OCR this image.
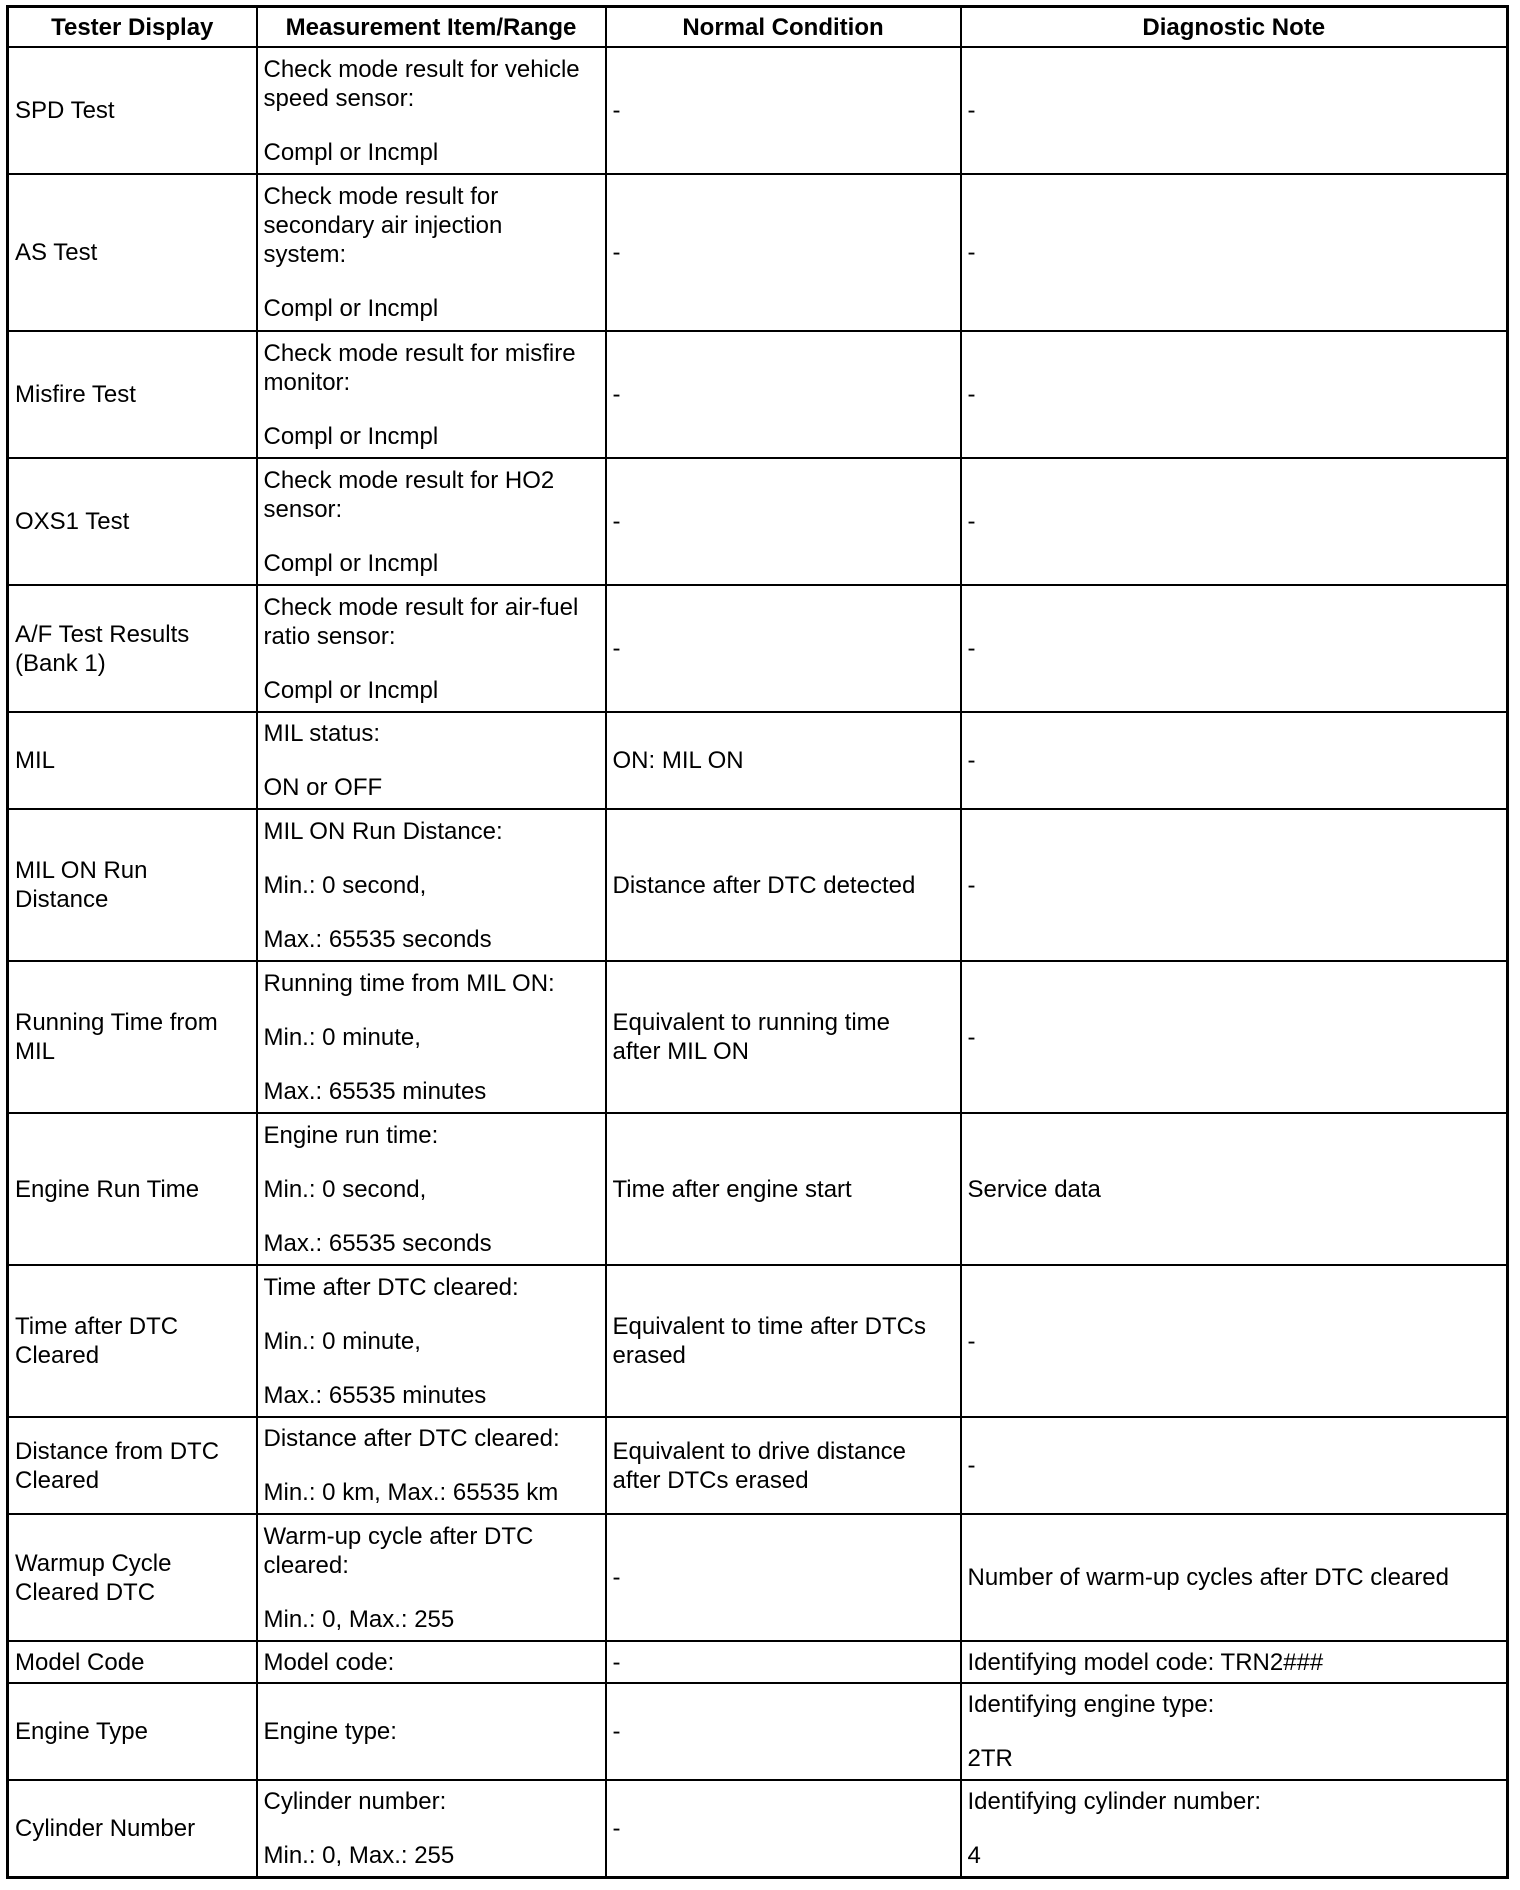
Tester Display	Measurement Item/Range	Normal Condition	Diagnostic Note

SPD Test	Check mode result for vehicle
speed sensor:
Compl or Incmpl	-	-

AS Test	Check mode result for
secondary air injection
system:
Compl or Incmpl	-	-

Misfire Test	Check mode result for misfire
monitor:
Compl or Incmpl	-	-

OXS1 Test	Check mode result for HO2
sensor:
Compl or Incmpl	-	-

A/F Test Results
(Bank 1)	Check mode result for air-fuel
ratio sensor:
Compl or Incmpl	-	-

MIL	MIL status:
ON or OFF	ON: MIL ON	-

MIL ON Run
Distance	MIL ON Run Distance:
Min.: 0 second,
Max.: 65535 seconds	Distance after DTC detected	-

Running Time from
MIL	Running time from MIL ON:
Min.: 0 minute,
Max.: 65535 minutes	Equivalent to running time
after MIL ON	-

Engine Run Time	Engine run time:
Min.: 0 second,
Max.: 65535 seconds	Time after engine start	Service data

Time after DTC
Cleared	Time after DTC cleared:
Min.: 0 minute,
Max.: 65535 minutes	Equivalent to time after DTCs
erased	-

Distance from DTC
Cleared	Distance after DTC cleared:
Min.: 0 km, Max.: 65535 km	Equivalent to drive distance
after DTCs erased	-

Warmup Cycle
Cleared DTC	Warm-up cycle after DTC
cleared:
Min.: 0, Max.: 255	-	Number of warm-up cycles after DTC cleared

Model Code	Model code:	-	Identifying model code: TRN2###

Engine Type	Engine type:	-	Identifying engine type:
2TR

Cylinder Number	Cylinder number:
Min.: 0, Max.: 255	-	Identifying cylinder number:
4
